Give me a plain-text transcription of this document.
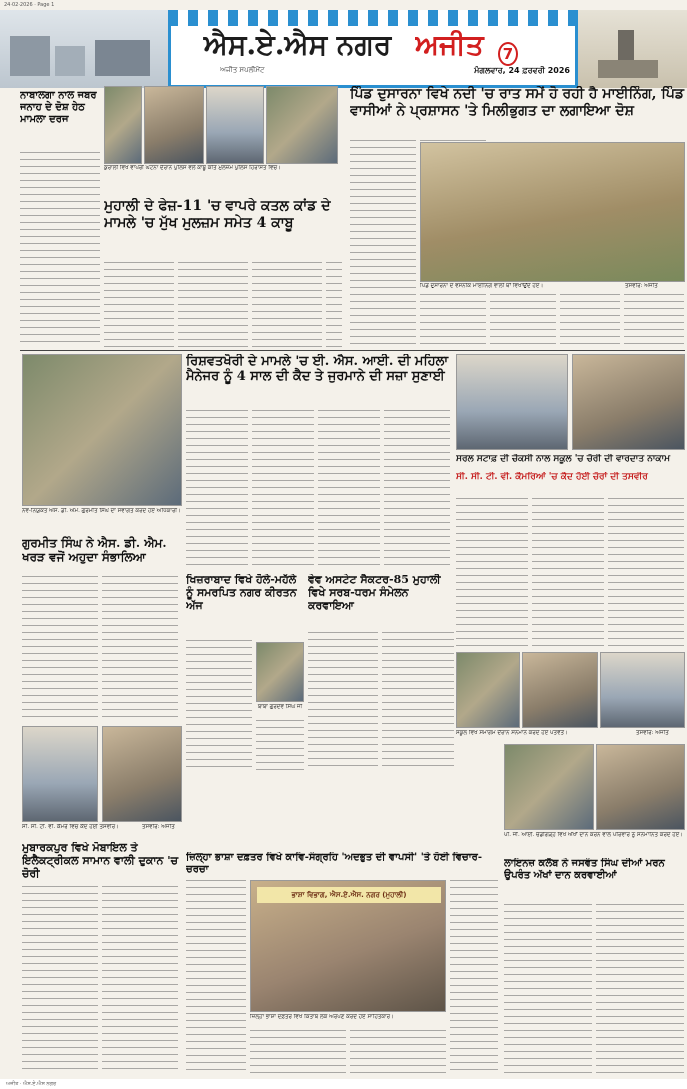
24·02·2026 · Page 1
ਐਸ.ਏ.ਐਸ ਨਗਰ ਅਜੀਤ	7
ਅਜੀਤ ਸਪਲੀਮੈਂਟ	ਮੰਗਲਵਾਰ, 24 ਫ਼ਰਵਰੀ 2026
ਨਾਬਾਲਗਾ ਨਾਲ ਜਬਰ ਜਨਾਹ ਦੇ ਦੋਸ਼ ਹੇਠ ਮਾਮਲਾ ਦਰਜ
ਕੁਰਾਲੀ ਵਿਖੇ ਵਾਪਰੀ ਘਟਨਾ ਦੌਰਾਨ ਪੁਲਿਸ ਵਲੋਂ ਕਾਬੂ ਕੀਤੇ ਮੁਲਜ਼ਮ ਪੁਲਿਸ ਹਿਰਾਸਤ ਵਿਚ।
ਮੁਹਾਲੀ ਦੇ ਫੇਜ਼-11 'ਚ ਵਾਪਰੇ ਕਤਲ ਕਾਂਡ ਦੇ ਮਾਮਲੇ 'ਚ ਮੁੱਖ ਮੁਲਜ਼ਮ ਸਮੇਤ 4 ਕਾਬੂ
ਪਿੰਡ ਦੁਸਾਰਨਾ ਵਿਖੇ ਨਦੀ 'ਚ ਰਾਤ ਸਮੇਂ ਹੋ ਰਹੀ ਹੈ ਮਾਈਨਿੰਗ, ਪਿੰਡ ਵਾਸੀਆਂ ਨੇ ਪ੍ਰਸ਼ਾਸਨ 'ਤੇ ਮਿਲੀਭੁਗਤ ਦਾ ਲਗਾਇਆ ਦੋਸ਼
ਪਿੰਡ ਦੁਸਾਰਨਾ ਦੇ ਵਸਨੀਕ ਮਾਈਨਿੰਗ ਵਾਲੀ ਥਾਂ ਵਿਖਾਉਂਦੇ ਹੋਏ।	ਤਸਵੀਰ: ਅਜੀਤ
ਨਵ-ਨਿਯੁਕਤ ਐਸ. ਡੀ. ਐਮ. ਗੁਰਮੀਤ ਸਿੰਘ ਦਾ ਸਵਾਗਤ ਕਰਦੇ ਹੋਏ ਅਧਿਕਾਰੀ।
ਗੁਰਮੀਤ ਸਿੰਘ ਨੇ ਐਸ. ਡੀ. ਐਮ. ਖਰੜ ਵਜੋਂ ਅਹੁਦਾ ਸੰਭਾਲਿਆ
ਰਿਸ਼ਵਤਖੋਰੀ ਦੇ ਮਾਮਲੇ 'ਚ ਈ. ਐਸ. ਆਈ. ਦੀ ਮਹਿਲਾ ਮੈਨੇਜਰ ਨੂੰ 4 ਸਾਲ ਦੀ ਕੈਦ ਤੇ ਜੁਰਮਾਨੇ ਦੀ ਸਜ਼ਾ ਸੁਣਾਈ
ਸਰਲ ਸਟਾਫ਼ ਦੀ ਚੌਕਸੀ ਨਾਲ ਸਕੂਲ 'ਚ ਚੋਰੀ ਦੀ ਵਾਰਦਾਤ ਨਾਕਾਮ
ਸੀ. ਸੀ. ਟੀ. ਵੀ. ਕੈਮਰਿਆਂ 'ਚ ਕੈਦ ਹੋਈ ਚੋਰਾਂ ਦੀ ਤਸਵੀਰ
ਖਿਜ਼ਰਾਬਾਦ ਵਿਖੇ ਹੋਲੇ-ਮਹੱਲੇ ਨੂੰ ਸਮਰਪਿਤ ਨਗਰ ਕੀਰਤਨ ਅੱਜ
ਬਾਬਾ ਗੁਰਦੇਵ ਸਿੰਘ ਜੀ
ਵੇਵ ਅਸਟੇਟ ਸੈਕਟਰ-85 ਮੁਹਾਲੀ ਵਿਖੇ ਸਰਬ-ਧਰਮ ਸੰਮੇਲਨ ਕਰਵਾਇਆ
ਸੀ. ਸੀ. ਟੀ. ਵੀ. ਕੈਮਰੇ ਵਿਚ ਕੈਦ ਹੋਈ ਤਸਵੀਰ।	ਤਸਵੀਰ: ਅਜੀਤ
ਮੁਬਾਰਕਪੁਰ ਵਿਖੇ ਮੋਬਾਇਲ ਤੇ ਇਲੈਕਟ੍ਰੀਕਲ ਸਾਮਾਨ ਵਾਲੀ ਦੁਕਾਨ 'ਚ ਚੋਰੀ
ਜ਼ਿਲ੍ਹਾ ਭਾਸ਼ਾ ਦਫ਼ਤਰ ਵਿਖੇ ਕਾਵਿ-ਸੰਗ੍ਰਹਿ 'ਅਦਭੁਤ ਦੀ ਵਾਪਸੀ' 'ਤੇ ਹੋਈ ਵਿਚਾਰ-ਚਰਚਾ
ਭਾਸ਼ਾ ਵਿਭਾਗ, ਐਸ.ਏ.ਐਸ. ਨਗਰ (ਮੁਹਾਲੀ)
ਜ਼ਿਲ੍ਹਾ ਭਾਸ਼ਾ ਦਫ਼ਤਰ ਵਿਖੇ ਕਿਤਾਬ ਲੋਕ ਅਰਪਣ ਕਰਦੇ ਹੋਏ ਸਾਹਿਤਕਾਰ।
ਸਕੂਲ ਵਿਖੇ ਸਮਾਗਮ ਦੌਰਾਨ ਸਨਮਾਨ ਕਰਦੇ ਹੋਏ ਪਤਵੰਤੇ।	ਤਸਵੀਰ: ਅਜੀਤ
ਪੀ. ਜੀ. ਆਈ. ਚੰਡੀਗੜ੍ਹ ਵਿਖੇ ਅੱਖਾਂ ਦਾਨ ਕਰਨ ਵਾਲੇ ਪਰਿਵਾਰ ਨੂੰ ਸਨਮਾਨਿਤ ਕਰਦੇ ਹੋਏ।
ਲਾਇਨਜ਼ ਕਲੱਬ ਨੇ ਜਸਵੰਤ ਸਿੰਘ ਦੀਆਂ ਮਰਨ ਉਪਰੰਤ ਅੱਖਾਂ ਦਾਨ ਕਰਵਾਈਆਂ
ਅਜੀਤ · ਐਸ.ਏ.ਐਸ ਨਗਰ
